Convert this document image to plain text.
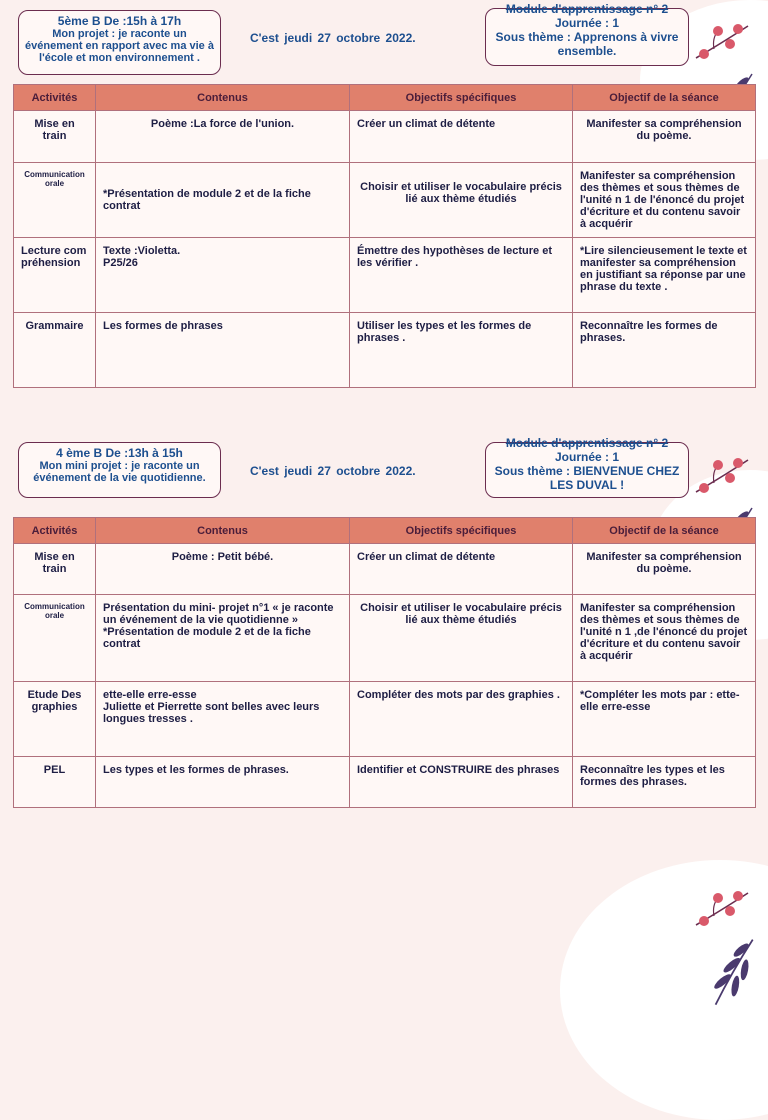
5ème B De :15h à 17h
Mon projet : je raconte un événement en rapport avec ma vie à l'école et mon environnement .
C'est jeudi 27 octobre 2022.
Module d'apprentissage n° 2
Journée : 1
Sous thème : Apprenons à vivre ensemble.
Activités	Contenus	Objectifs spécifiques	Objectif de la séance
Mise en train	Poème :La force de l'union.	Créer un climat de détente	Manifester sa compréhension du poème.
Communication orale	*Présentation de module 2 et de la fiche contrat	Choisir et utiliser le vocabulaire précis lié aux thème étudiés	Manifester sa compréhension des thèmes et sous thèmes de l'unité n 1 de l'énoncé du projet d'écriture et du contenu savoir à acquérir
Lecture compréhension	Texte :Violetta.
P25/26	Émettre des hypothèses de lecture et les vérifier .	*Lire silencieusement le texte et manifester sa compréhension en justifiant sa réponse par une phrase du texte .
Grammaire	Les formes de phrases	Utiliser les types et les formes de phrases .	Reconnaître les formes de phrases.
4 ème B De :13h à 15h
Mon mini projet : je raconte un événement de la vie quotidienne.	C'est jeudi 27 octobre 2022.
Module d'apprentissage n° 2
Journée : 1
Sous thème : BIENVENUE CHEZ LES DUVAL !
Activités	Contenus	Objectifs spécifiques	Objectif de la séance
Mise en train	Poème : Petit bébé.	Créer un climat de détente	Manifester sa compréhension du poème.
Communication orale	Présentation du mini- projet n°1 « je raconte un événement de la vie quotidienne »
*Présentation de module 2 et de la fiche contrat	Choisir et utiliser le vocabulaire précis lié aux thème étudiés	Manifester sa compréhension des thèmes et sous thèmes de l'unité n 1 ,de l'énoncé du projet d'écriture et du contenu savoir à acquérir
Etude Des graphies	ette-elle erre-esse
Juliette et Pierrette sont belles avec leurs longues tresses .	Compléter des mots par des graphies .	*Compléter les mots par : ette-elle erre-esse
PEL	Les types et les formes de phrases.	Identifier et CONSTRUIRE des phrases	Reconnaître les types et les formes des phrases.
